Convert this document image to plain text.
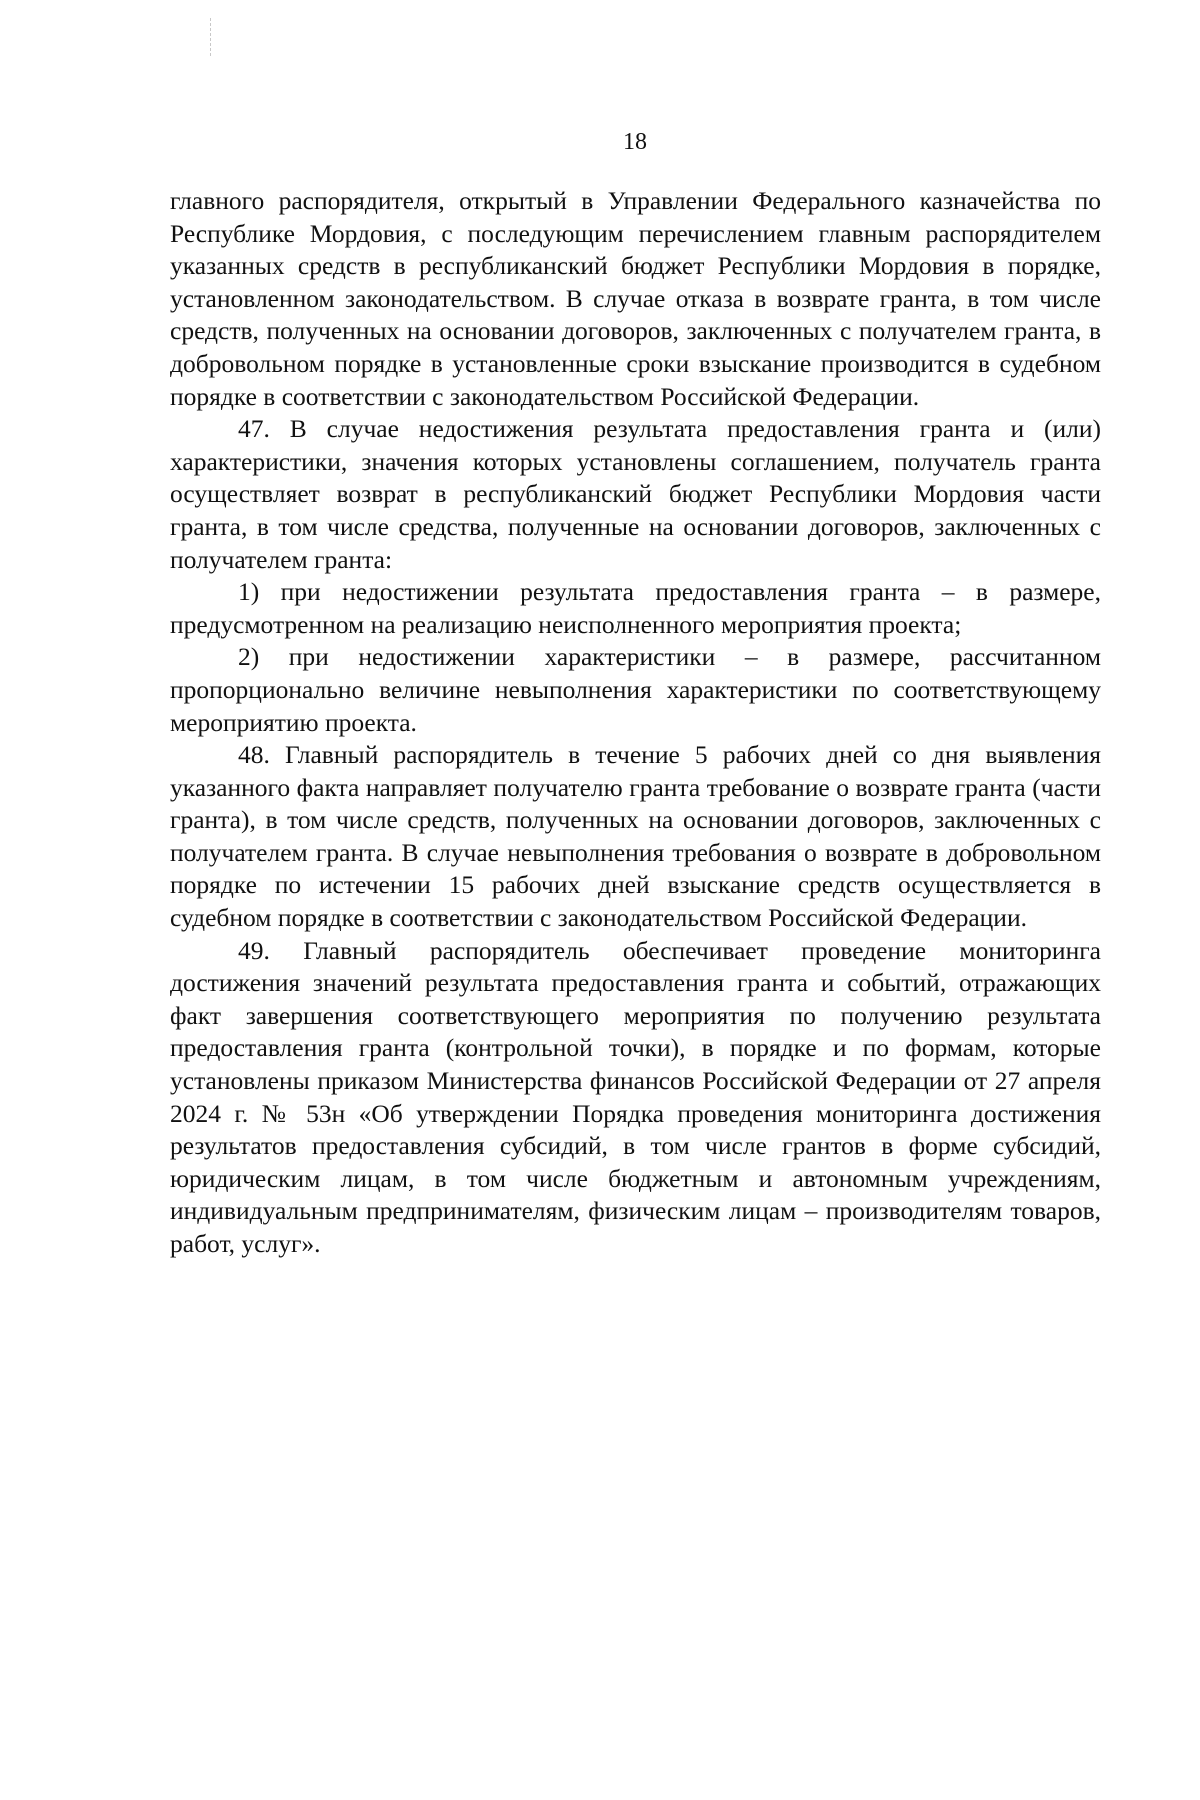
18

главного распорядителя, открытый в Управлении Федерального казначейства по Республике Мордовия, с последующим перечислением главным распорядителем указанных средств в республиканский бюджет Республики Мордовия в порядке, установленном законодательством. В случае отказа в возврате гранта, в том числе средств, полученных на основании договоров, заключенных с получателем гранта, в добровольном порядке в установленные сроки взыскание производится в судебном порядке в соответствии с законодательством Российской Федерации.

47. В случае недостижения результата предоставления гранта и (или) характеристики, значения которых установлены соглашением, получатель гранта осуществляет возврат в республиканский бюджет Республики Мордовия части гранта, в том числе средства, полученные на основании договоров, заключенных с получателем гранта:

1) при недостижении результата предоставления гранта – в размере, предусмотренном на реализацию неисполненного мероприятия проекта;

2) при недостижении характеристики – в размере, рассчитанном пропорционально величине невыполнения характеристики по соответствующему мероприятию проекта.

48. Главный распорядитель в течение 5 рабочих дней со дня выявления указанного факта направляет получателю гранта требование о возврате гранта (части гранта), в том числе средств, полученных на основании договоров, заключенных с получателем гранта. В случае невыполнения требования о возврате в добровольном порядке по истечении 15 рабочих дней взыскание средств осуществляется в судебном порядке в соответствии с законодательством Российской Федерации.

49. Главный распорядитель обеспечивает проведение мониторинга достижения значений результата предоставления гранта и событий, отражающих факт завершения соответствующего мероприятия по получению результата предоставления гранта (контрольной точки), в порядке и по формам, которые установлены приказом Министерства финансов Российской Федерации от 27 апреля 2024 г. № 53н «Об утверждении Порядка проведения мониторинга достижения результатов предоставления субсидий, в том числе грантов в форме субсидий, юридическим лицам, в том числе бюджетным и автономным учреждениям, индивидуальным предпринимателям, физическим лицам – производителям товаров, работ, услуг».
